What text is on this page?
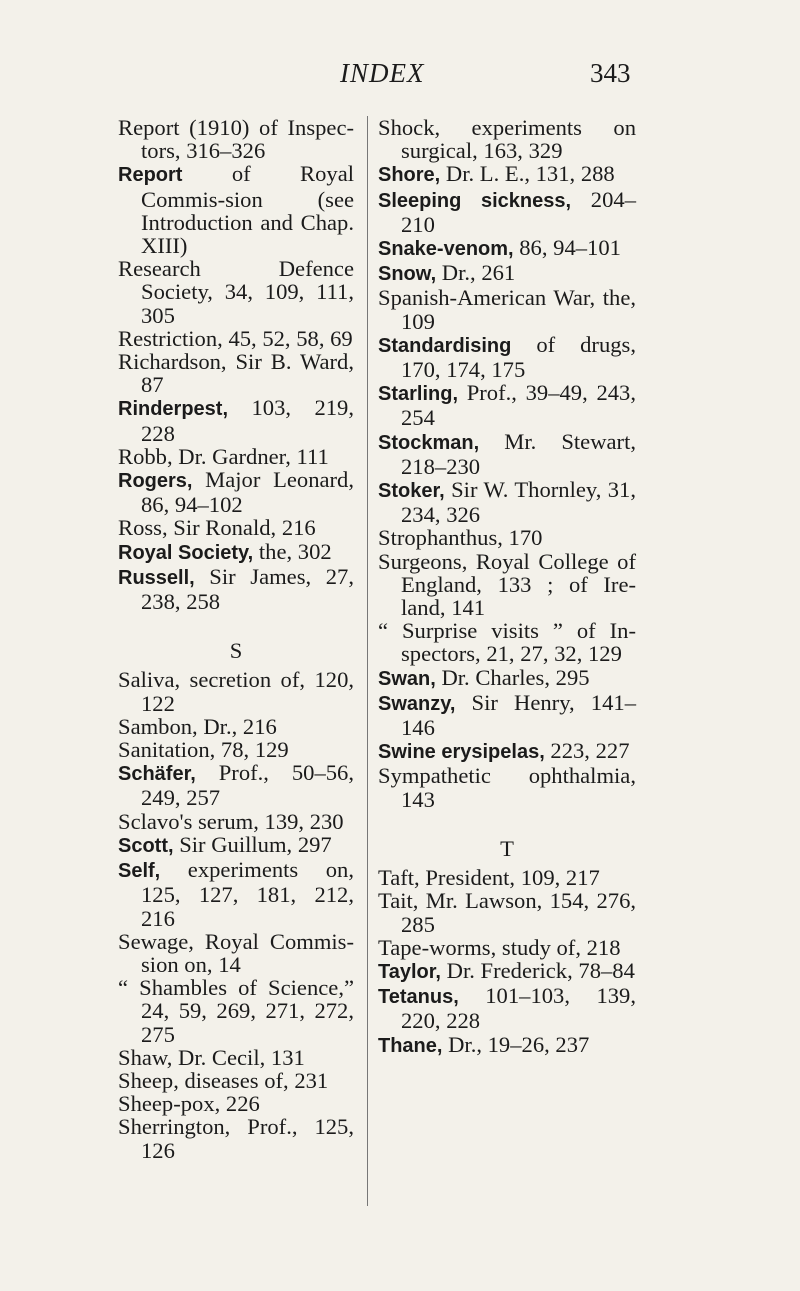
INDEX	343
Report (1910) of Inspec-tors, 316–326
Report of Royal Commis-sion (see Introduction and Chap. XIII)
Research Defence Society, 34, 109, 111, 305
Restriction, 45, 52, 58, 69
Richardson, Sir B. Ward, 87
Rinderpest, 103, 219, 228
Robb, Dr. Gardner, 111
Rogers, Major Leonard, 86, 94–102
Ross, Sir Ronald, 216
Royal Society, the, 302
Russell, Sir James, 27, 238, 258
S
Saliva, secretion of, 120, 122
Sambon, Dr., 216
Sanitation, 78, 129
Schäfer, Prof., 50–56, 249, 257
Sclavo's serum, 139, 230
Scott, Sir Guillum, 297
Self, experiments on, 125, 127, 181, 212, 216
Sewage, Royal Commis-sion on, 14
“ Shambles of Science,” 24, 59, 269, 271, 272, 275
Shaw, Dr. Cecil, 131
Sheep, diseases of, 231
Sheep-pox, 226
Sherrington, Prof., 125, 126
Shock, experiments on surgical, 163, 329
Shore, Dr. L. E., 131, 288
Sleeping sickness, 204–210
Snake-venom, 86, 94–101
Snow, Dr., 261
Spanish-American War, the, 109
Standardising of drugs, 170, 174, 175
Starling, Prof., 39–49, 243, 254
Stockman, Mr. Stewart, 218–230
Stoker, Sir W. Thornley, 31, 234, 326
Strophanthus, 170
Surgeons, Royal College of England, 133 ; of Ire-land, 141
“ Surprise visits ” of In-spectors, 21, 27, 32, 129
Swan, Dr. Charles, 295
Swanzy, Sir Henry, 141–146
Swine erysipelas, 223, 227
Sympathetic ophthalmia, 143
T
Taft, President, 109, 217
Tait, Mr. Lawson, 154, 276, 285
Tape-worms, study of, 218
Taylor, Dr. Frederick, 78–84
Tetanus, 101–103, 139, 220, 228
Thane, Dr., 19–26, 237
